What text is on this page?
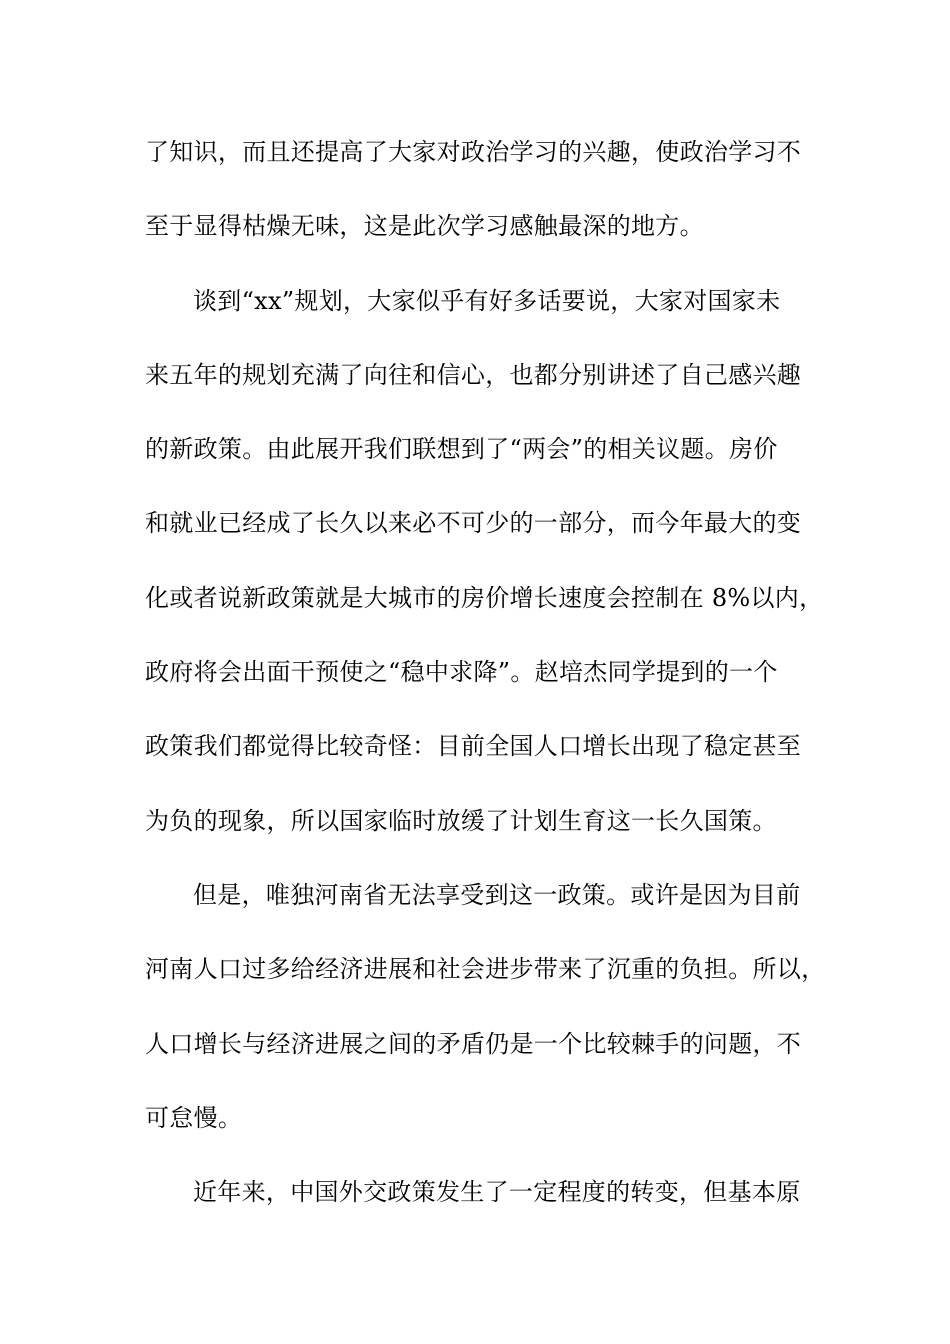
了知识，而且还提高了大家对政治学习的兴趣，使政治学习不
至于显得枯燥无味，这是此次学习感触最深的地方。
谈到“xx”规划，大家似乎有好多话要说，大家对国家未
来五年的规划充满了向往和信心，也都分别讲述了自己感兴趣
的新政策。由此展开我们联想到了“两会”的相关议题。房价
和就业已经成了长久以来必不可少的一部分，而今年最大的变
化或者说新政策就是大城市的房价增长速度会控制在 8%以内，
政府将会出面干预使之“稳中求降”。赵培杰同学提到的一个
政策我们都觉得比较奇怪：目前全国人口增长出现了稳定甚至
为负的现象，所以国家临时放缓了计划生育这一长久国策。
但是，唯独河南省无法享受到这一政策。或许是因为目前
河南人口过多给经济进展和社会进步带来了沉重的负担。所以，
人口增长与经济进展之间的矛盾仍是一个比较棘手的问题，不
可怠慢。
近年来，中国外交政策发生了一定程度的转变，但基本原
